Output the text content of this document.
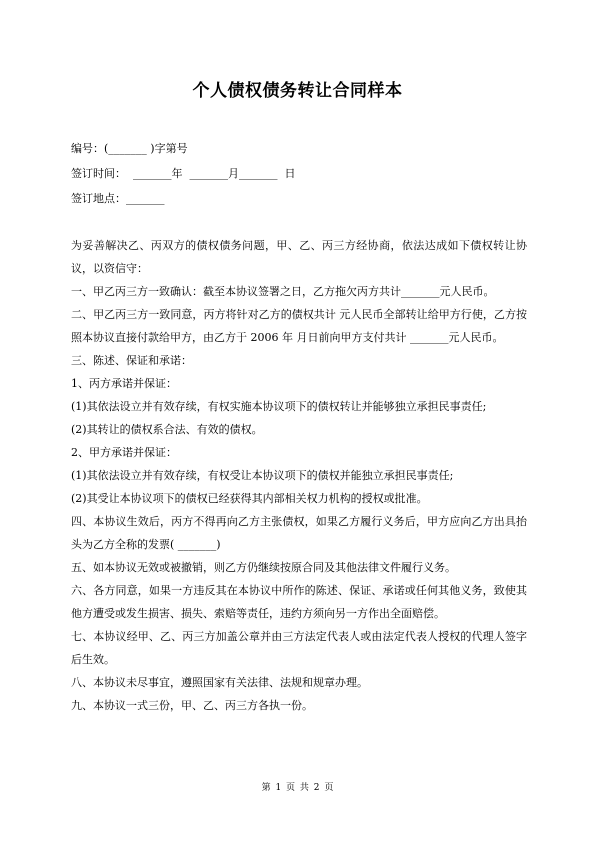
个人债权债务转让合同样本
编号：(_______ )字第号
签订时间：  _______年  _______月_______  日
签订地点：_______

为妥善解决乙、丙双方的债权债务问题，甲、乙、丙三方经协商，依法达成如下债权转让协议，以资信守：

一、甲乙丙三方一致确认：截至本协议签署之日，乙方拖欠丙方共计_______元人民币。

二、甲乙丙三方一致同意，丙方将针对乙方的债权共计 元人民币全部转让给甲方行使，乙方按照本协议直接付款给甲方，由乙方于 2006 年 月日前向甲方支付共计 _______元人民币。

三、陈述、保证和承诺：

1、丙方承诺并保证：

(1)其依法设立并有效存续，有权实施本协议项下的债权转让并能够独立承担民事责任;

(2)其转让的债权系合法、有效的债权。

2、甲方承诺并保证：

(1)其依法设立并有效存续，有权受让本协议项下的债权并能独立承担民事责任;

(2)其受让本协议项下的债权已经获得其内部相关权力机构的授权或批准。

四、本协议生效后，丙方不得再向乙方主张债权，如果乙方履行义务后，甲方应向乙方出具抬头为乙方全称的发票( _______)

五、如本协议无效或被撤销，则乙方仍继续按原合同及其他法律文件履行义务。

六、各方同意，如果一方违反其在本协议中所作的陈述、保证、承诺或任何其他义务，致使其他方遭受或发生损害、损失、索赔等责任，违约方须向另一方作出全面赔偿。

七、本协议经甲、乙、丙三方加盖公章并由三方法定代表人或由法定代表人授权的代理人签字后生效。

八、本协议未尽事宜，遵照国家有关法律、法规和规章办理。

九、本协议一式三份，甲、乙、丙三方各执一份。

第 1 页 共 2 页
